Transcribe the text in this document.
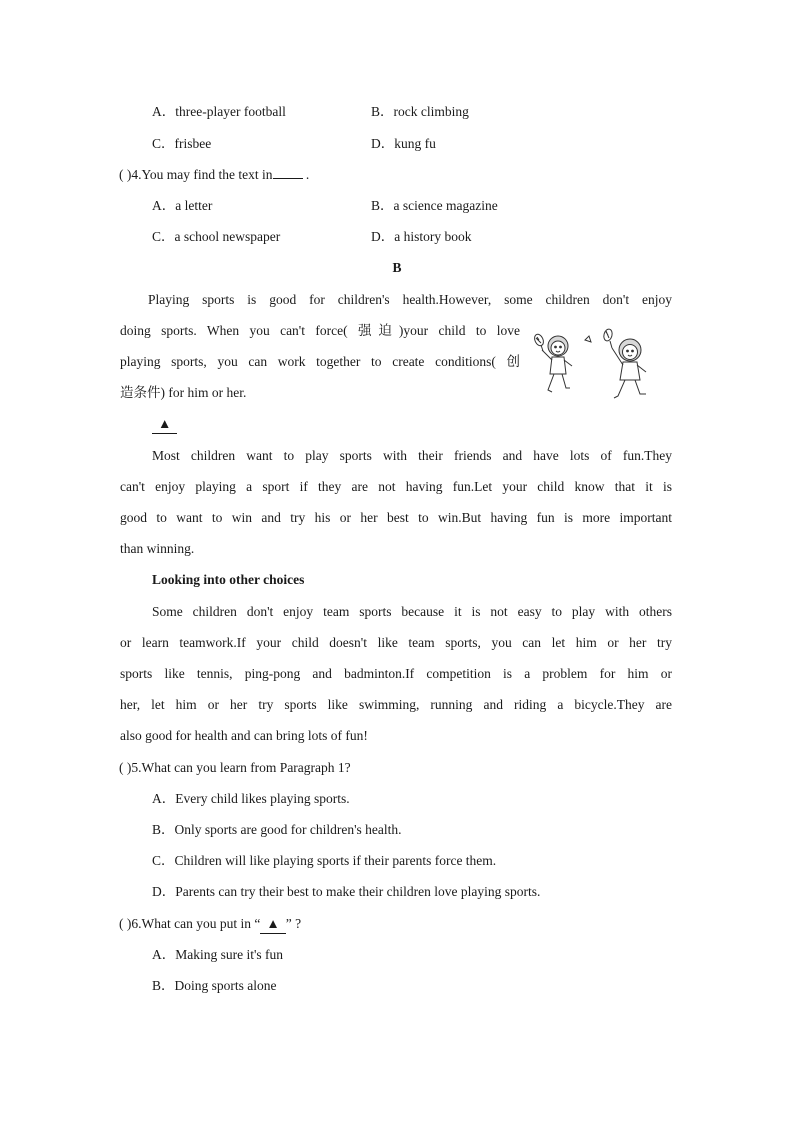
A．three-player football	B．rock climbing
C．frisbee	D．kung fu
( )4.You may find the text in .
A．a letter	B．a science magazine
C．a school newspaper	D．a history book
B
Playing sports is good for children's health.However, some children don't enjoy
doing sports. When you can't force( 强迫)your child to love
playing sports, you can work together to create conditions( 创
造条件) for him or her.
▲
Most children want to play sports with their friends and have lots of fun.They
can't enjoy playing a sport if they are not having fun.Let your child know that it is
good to want to win and try his or her best to win.But having fun is more important
than winning.
Looking into other choices
Some children don't enjoy team sports because it is not easy to play with others
or learn teamwork.If your child doesn't like team sports, you can let him or her try
sports like tennis, ping-pong and badminton.If competition is a problem for him or
her, let him or her try sports like swimming, running and riding a bicycle.They are
also good for health and can bring lots of fun!
( )5.What can you learn from Paragraph 1?
A．Every child likes playing sports.
B．Only sports are good for children's health.
C．Children will like playing sports if their parents force them.
D．Parents can try their best to make their children love playing sports.
( )6.What can you put in “ ▲ ” ?
A．Making sure it's fun
B．Doing sports alone
